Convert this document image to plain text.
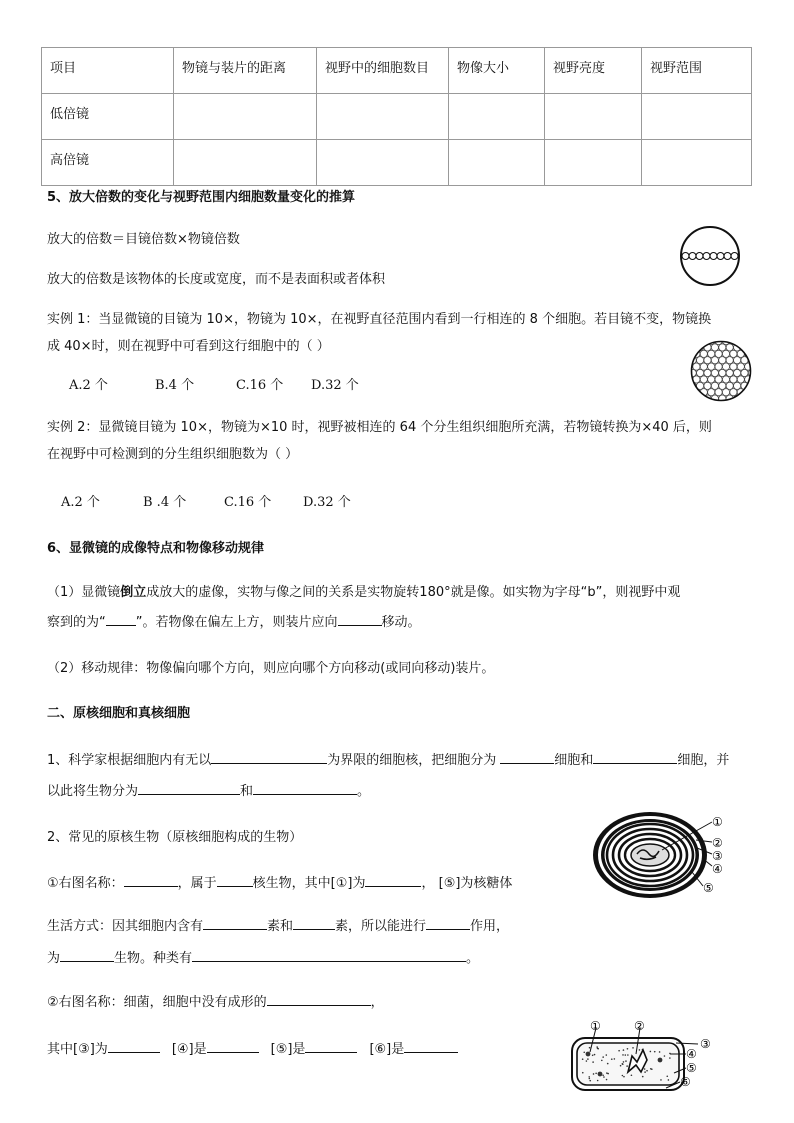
项目	物镜与装片的距离	视野中的细胞数目	物像大小	视野亮度	视野范围

低倍镜					

高倍镜					

5、放大倍数的变化与视野范围内细胞数量变化的推算
放大的倍数＝目镜倍数×物镜倍数
放大的倍数是该物体的长度或宽度，而不是表面积或者体积
实例 1：当显微镜的目镜为 10×，物镜为 10×，在视野直径范围内看到一行相连的 8 个细胞。若目镜不变，物镜换
成 40×时，则在视野中可看到这行细胞中的（ ）
A.2 个	B.4 个	C.16 个 D.32 个
实例 2：显微镜目镜为 10×，物镜为×10 时，视野被相连的 64 个分生组织细胞所充满，若物镜转换为×40 后，则
在视野中可检测到的分生组织细胞数为（ ）
A.2 个	B .4 个	C.16 个 D.32 个
6、显微镜的成像特点和物像移动规律
（1）显微镜倒立成放大的虚像，实物与像之间的关系是实物旋转180°就是像。如实物为字母“b”，则视野中观
察到的为“ ”。若物像在偏左上方，则装片应向	移动。
（2）移动规律：物像偏向哪个方向，则应向哪个方向移动(或同向移动)装片。
二、原核细胞和真核细胞
1、科学家根据细胞内有无以	为界限的细胞核，把细胞分为	细胞和	细胞，并
以此将生物分为	和	。
2、常见的原核生物（原核细胞构成的生物）
①右图名称：	，属于	核生物，其中[①]为	， [⑤]为核糖体
生活方式：因其细胞内含有	素和	素，所以能进行	作用，
为	生物。种类有	。
②右图名称：细菌，细胞中没有成形的	，
其中[③]为	[④]是	[⑤]是	[⑥]是
①
②
③
④
⑤
①	②
③
④
⑤
⑥
